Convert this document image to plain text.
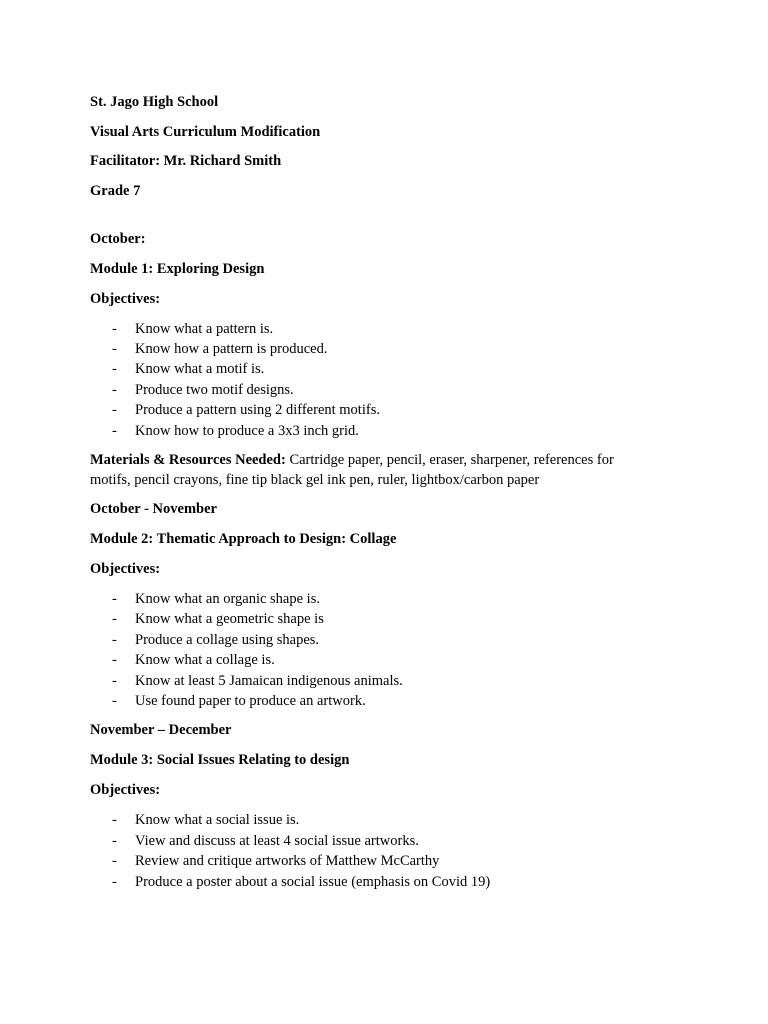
St. Jago High School
Visual Arts Curriculum Modification
Facilitator: Mr. Richard Smith
Grade 7
October:
Module 1: Exploring Design
Objectives:
- Know what a pattern is.
- Know how a pattern is produced.
- Know what a motif is.
- Produce two motif designs.
- Produce a pattern using 2 different motifs.
- Know how to produce a 3x3 inch grid.
Materials & Resources Needed: Cartridge paper, pencil, eraser, sharpener, references for motifs, pencil crayons, fine tip black gel ink pen, ruler, lightbox/carbon paper
October - November
Module 2: Thematic Approach to Design: Collage
Objectives:
- Know what an organic shape is.
- Know what a geometric shape is
- Produce a collage using shapes.
- Know what a collage is.
- Know at least 5 Jamaican indigenous animals.
- Use found paper to produce an artwork.
November – December
Module 3: Social Issues Relating to design
Objectives:
- Know what a social issue is.
- View and discuss at least 4 social issue artworks.
- Review and critique artworks of Matthew McCarthy
- Produce a poster about a social issue (emphasis on Covid 19)
